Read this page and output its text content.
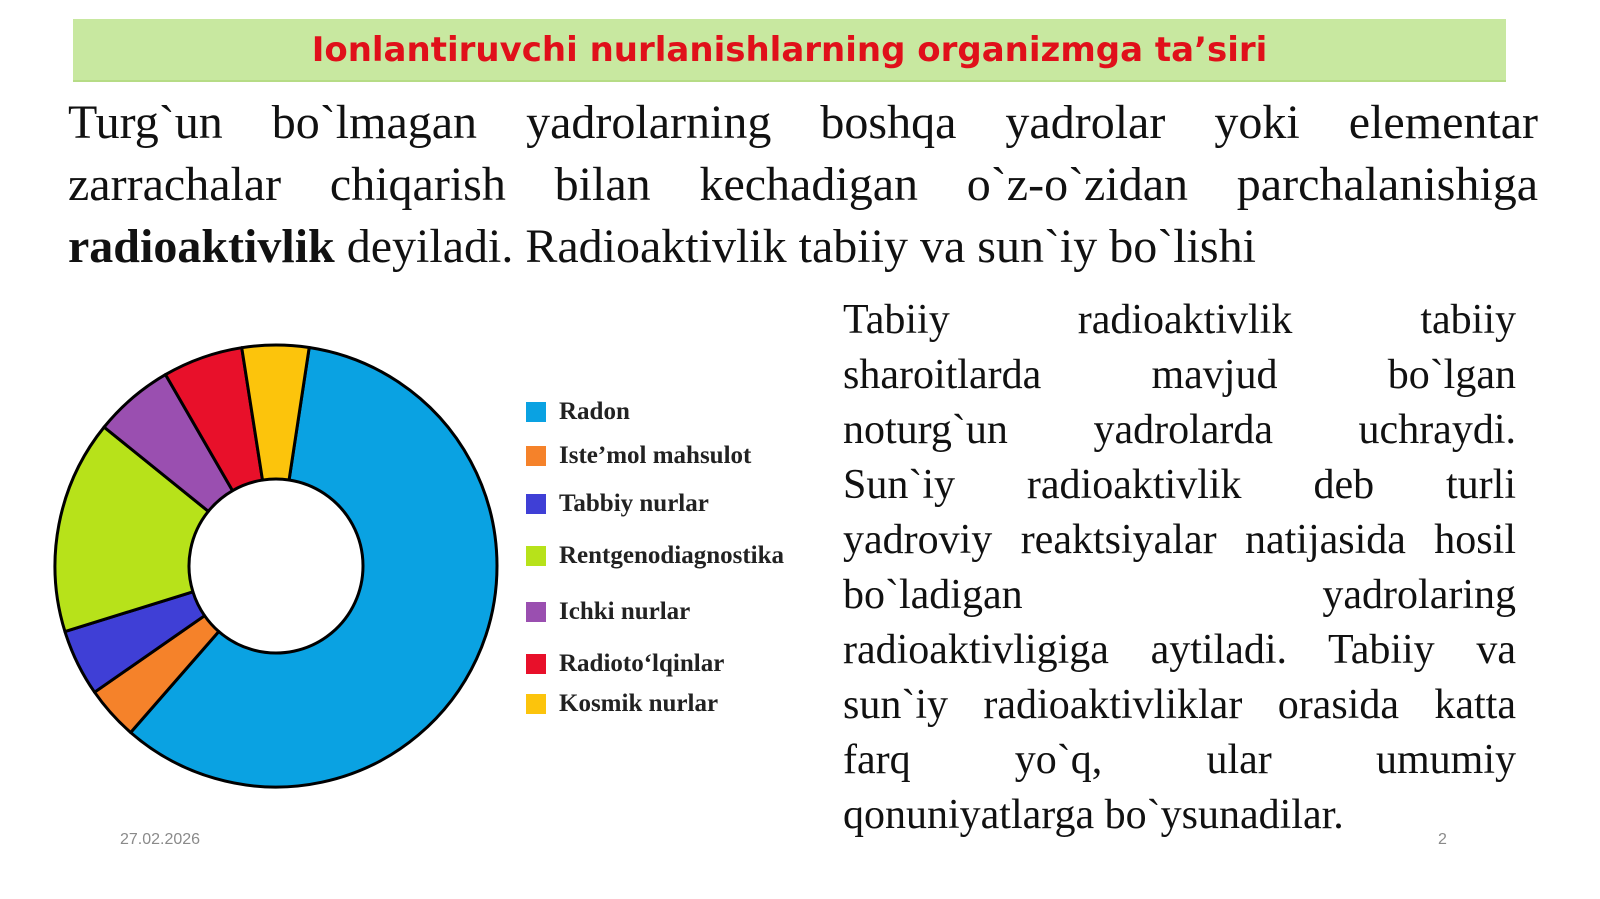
Ionlantiruvchi nurlanishlarning organizmga ta’siri
Turg`un bo`lmagan yadrolarning boshqa yadrolar yoki elementar
zarrachalar chiqarish bilan kechadigan o`z-o`zidan parchalanishiga
radioaktivlik deyiladi. Radioaktivlik tabiiy va sun`iy bo`lishi
Radon
Iste’mol mahsulot
Tabbiy nurlar
Rentgenodiagnostika
Ichki nurlar
Radioto‘lqinlar
Kosmik nurlar
Tabiiy radioaktivlik tabiiy
sharoitlarda mavjud bo`lgan
noturg`un yadrolarda uchraydi.
Sun`iy radioaktivlik deb turli
yadroviy reaktsiyalar natijasida hosil
bo`ladigan yadrolaring
radioaktivligiga aytiladi. Tabiiy va
sun`iy radioaktivliklar orasida katta
farq yo`q, ular umumiy
qonuniyatlarga bo`ysunadilar.
27.02.2026	2
